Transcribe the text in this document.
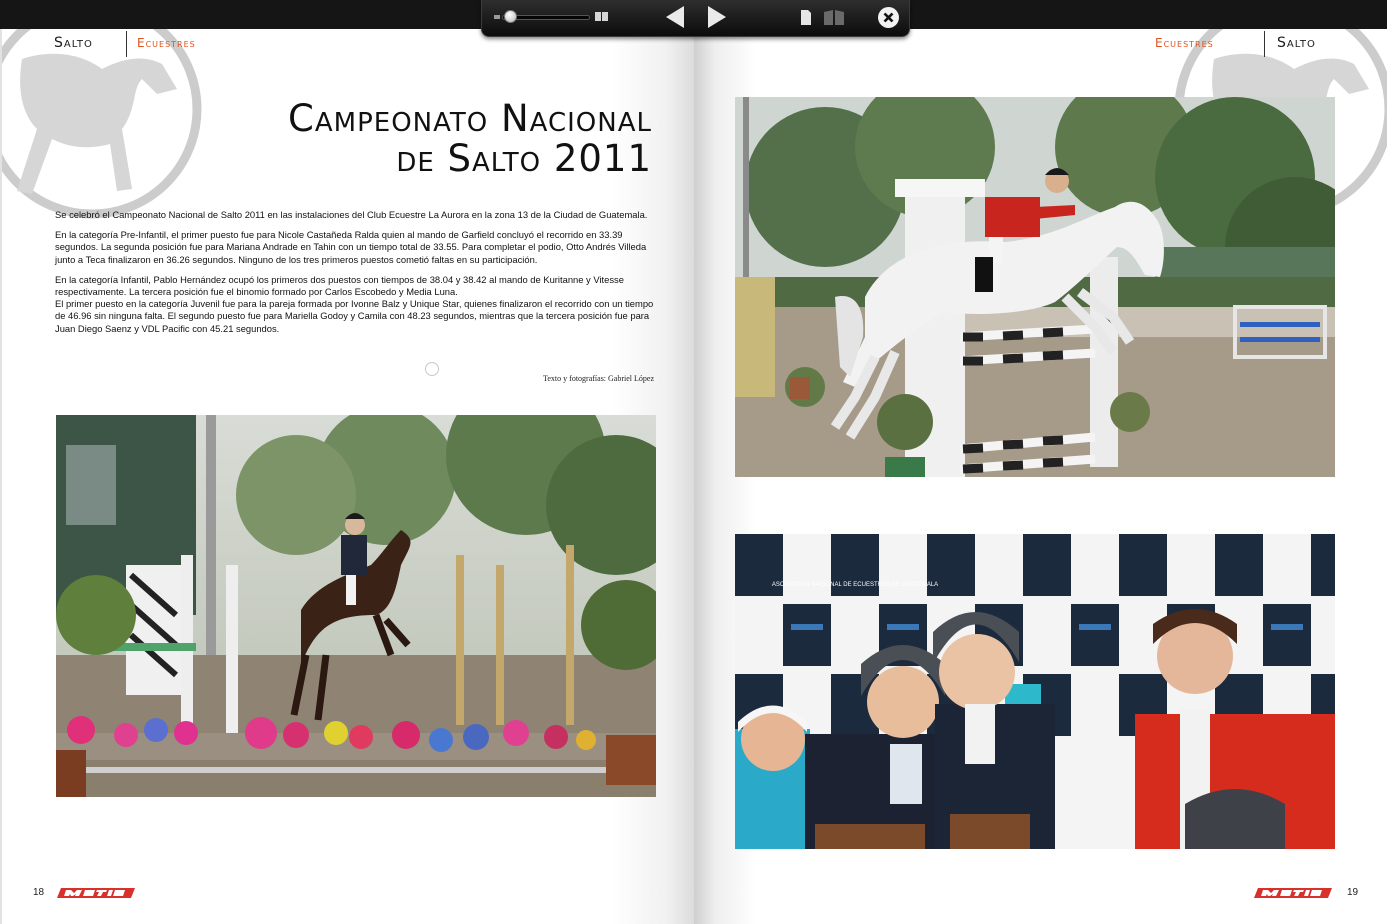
Salto	Ecuestres
Campeonato Nacional
de Salto 2011

Se celebró el Campeonato Nacional de Salto 2011 en las instalaciones del Club Ecuestre La Aurora en la zona 13 de la Ciudad de Guatemala.

En la categoría Pre-Infantil, el primer puesto fue para Nicole Castañeda Ralda quien al mando de Garfield concluyó el recorrido en 33.39 segundos. La segunda posición fue para Mariana Andrade en Tahin con un tiempo total de 33.55. Para completar el podio, Otto Andrés Villeda junto a Teca finalizaron en 36.26 segundos. Ninguno de los tres primeros puestos cometió faltas en su participación.

En la categoría Infantil, Pablo Hernández ocupó los primeros dos puestos con tiempos de 38.04 y 38.42 al mando de Kuritanne y Vitesse respectivamente. La tercera posición fue el binomio formado por Carlos Escobedo y Media Luna.

El primer puesto en la categoría Juvenil fue para la pareja formada por Ivonne Balz y Unique Star, quienes finalizaron el recorrido con un tiempo de 46.96 sin ninguna falta. El segundo puesto fue para Mariella Godoy y Camila con 48.23 segundos, mientras que la tercera posición fue para Juan Diego Saenz y VDL Pacific con 45.21 segundos.

Texto y fotografías: Gabriel López
18
Ecuestres	Salto
ASOCIACION NACIONAL DE ECUESTRES DE GUATEMALA
19
